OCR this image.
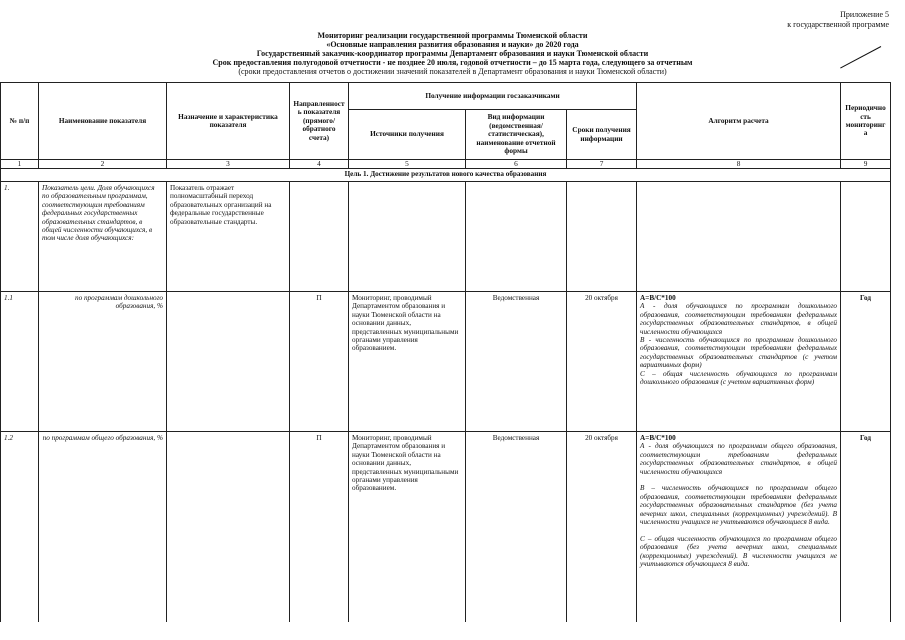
Приложение 5
к государственной программе
Мониторинг реализации государственной программы Тюменской области
«Основные направления развития образования и науки» до 2020 года
Государственный заказчик-координатор программы Департамент образования и науки Тюменской области
Срок предоставления полугодовой отчетности - не позднее 20 июля, годовой отчетности – до 15 марта года, следующего за отчетным
(сроки предоставления отчетов о достижении значений показателей в Департамент образования и науки Тюменской области)
№ п/п	Наименование показателя	Назначение и характеристика показателя	Направленность показателя (прямого/обратного счета)	Получение информации госзаказчиками			Алгоритм расчета	Периодичность мониторинга
				Источники получения	Вид информации (ведомственная/статистическая), наименование отчетной формы	Сроки получения информации		
1	2	3	4	5	6	7	8	9
Цель 1. Достижение результатов нового качества образования								
1.	Показатель цели. Доля обучающихся по образовательным программам, соответствующим требованиям федеральных государственных образовательных стандартов, в общей численности обучающихся, в том числе доля обучающихся:	Показатель отражает полномасштабный переход образовательных организаций на федеральные государственные образовательные стандарты.						
1.1	по программам дошкольного образования, %		П	Мониторинг, проводимый Департаментом образования и науки Тюменской области на основании данных, представленных муниципальными органами управления образованием.	Ведомственная	20 октября	А=В/С*100
А - доля обучающихся по программам дошкольного образования, соответствующим требованиям федеральных государственных образовательных стандартов, в общей численности обучающихся
В - численность обучающихся по программам дошкольного образования, соответствующим требованиям федеральных государственных образовательных стандартов (с учетом вариативных форм)
С – общая численность обучающихся по программам дошкольного образования (с учетом вариативных форм)	Год
1.2	по программам общего образования, %		П	Мониторинг, проводимый Департаментом образования и науки Тюменской области на основании данных, представленных муниципальными органами управления образованием.	Ведомственная	20 октября	А=В/С*100
А - доля обучающихся по программам общего образования, соответствующим требованиям федеральных государственных образовательных стандартов, в общей численности обучающихся

В – численность обучающихся по программам общего образования, соответствующим требованиям федеральных государственных образовательных стандартов (без учета вечерних школ, специальных (коррекционных) учреждений). В численности учащихся не учитываются обучающиеся 8 вида.

С – общая численность обучающихся по программам общего образования (без учета вечерних школ, специальных (коррекционных) учреждений). В численности учащихся не учитываются обучающиеся 8 вида.	Год
